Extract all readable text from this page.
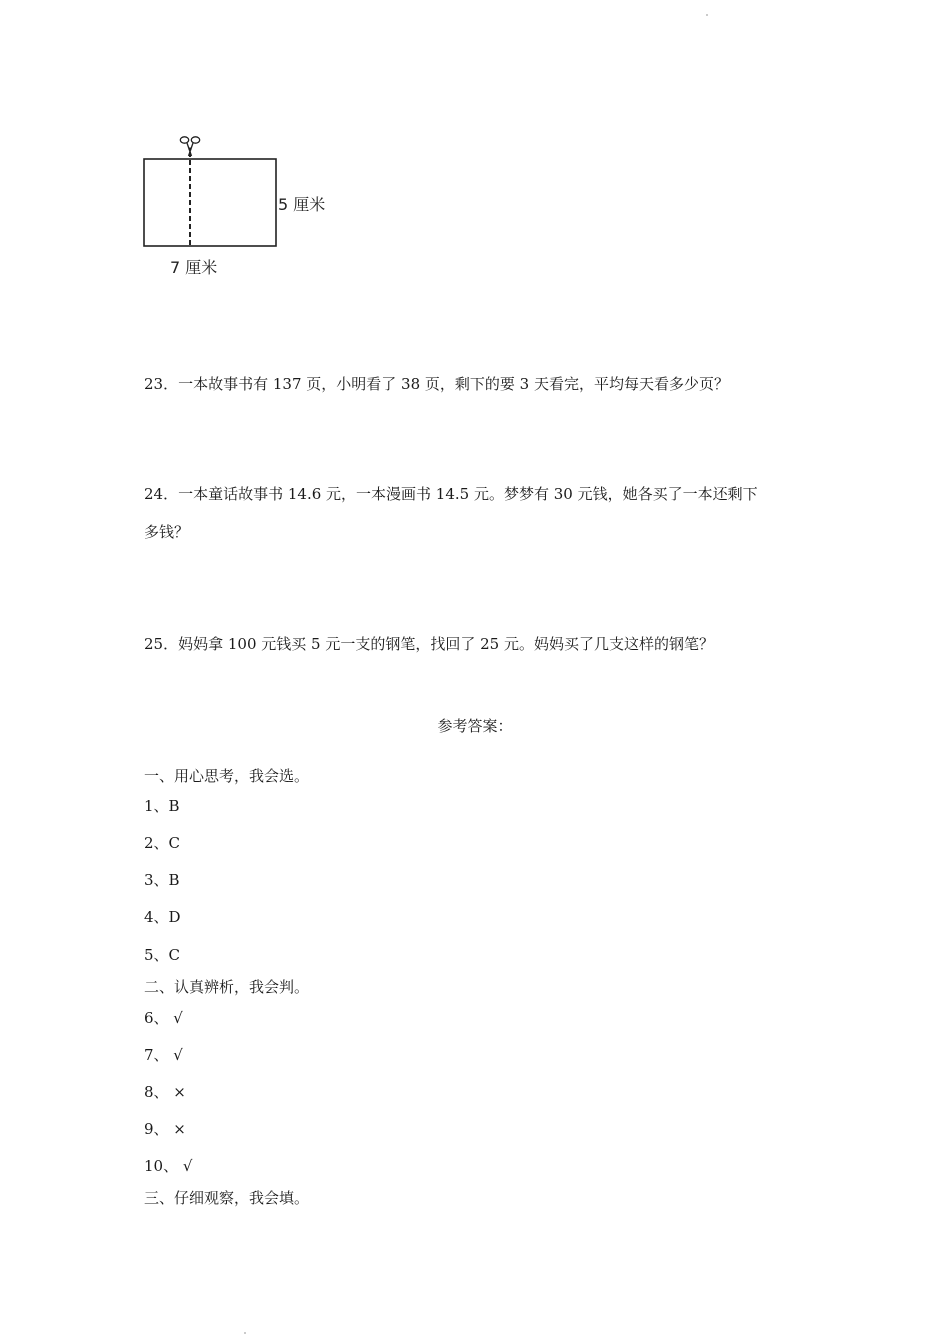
5 厘米
7 厘米
23．一本故事书有 137 页，小明看了 38 页，剩下的要 3 天看完，平均每天看多少页？
24．一本童话故事书 14.6 元，一本漫画书 14.5 元。梦梦有 30 元钱，她各买了一本还剩下
多钱？
25．妈妈拿 100 元钱买 5 元一支的钢笔，找回了 25 元。妈妈买了几支这样的钢笔？
参考答案：
一、用心思考，我会选。
1、B
2、C
3、B
4、D
5、C
二、认真辨析，我会判。
6、 √
7、 √
8、 ×
9、 ×
10、 √
三、仔细观察，我会填。
